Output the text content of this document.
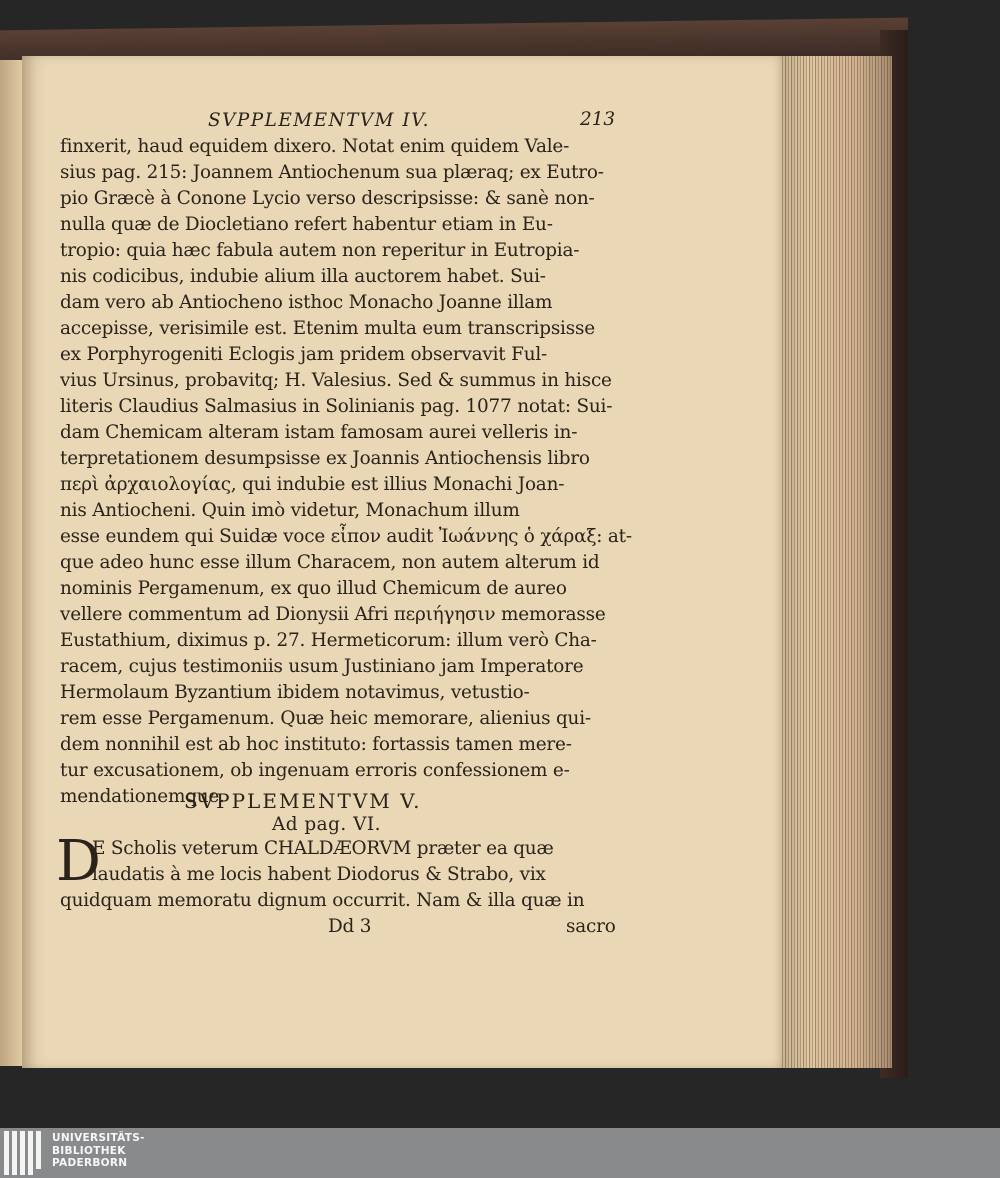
SVPPLEMENTVM IV.	213
finxerit, haud equidem dixero. Notat enim quidem Vale-
sius pag. 215: Joannem Antiochenum sua plæraq; ex Eutro-
pio Græcè à Conone Lycio verso descripsisse: & sanè non-
nulla quæ de Diocletiano refert habentur etiam in Eu-
tropio: quia hæc fabula autem non reperitur in Eutropia-
nis codicibus, indubie alium illa auctorem habet. Sui-
dam vero ab Antiocheno isthoc Monacho Joanne illam
accepisse, verisimile est. Etenim multa eum transcripsisse
ex Porphyrogeniti Eclogis jam pridem observavit Ful-
vius Ursinus, probavitq; H. Valesius. Sed & summus in hisce
literis Claudius Salmasius in Solinianis pag. 1077 notat: Sui-
dam Chemicam alteram istam famosam aurei velleris in-
terpretationem desumpsisse ex Joannis Antiochensis libro
περὶ ἀρχαιολογίας, qui indubie est illius Monachi Joan-
nis Antiocheni. Quin imò videtur, Monachum illum
esse eundem qui Suidæ voce εἶπον audit Ἰωάννης ὁ χάραξ: at-
que adeo hunc esse illum Characem, non autem alterum id
nominis Pergamenum, ex quo illud Chemicum de aureo
vellere commentum ad Dionysii Afri περιήγησιν memorasse
Eustathium, diximus p. 27. Hermeticorum: illum verò Cha-
racem, cujus testimoniis usum Justiniano jam Imperatore
Hermolaum Byzantium ibidem notavimus, vetustio-
rem esse Pergamenum. Quæ heic memorare, alienius qui-
dem nonnihil est ab hoc instituto: fortassis tamen mere-
tur excusationem, ob ingenuam erroris confessionem e-
mendationemque.
SVPPLEMENTVM V.
Ad pag. VI.
D
E Scholis veterum CHALDÆORVM præter ea quæ
laudatis à me locis habent Diodorus & Strabo, vix
quidquam memoratu dignum occurrit. Nam & illa quæ in
Dd 3	sacro
UNIVERSITÄTS-
BIBLIOTHEK
PADERBORN
